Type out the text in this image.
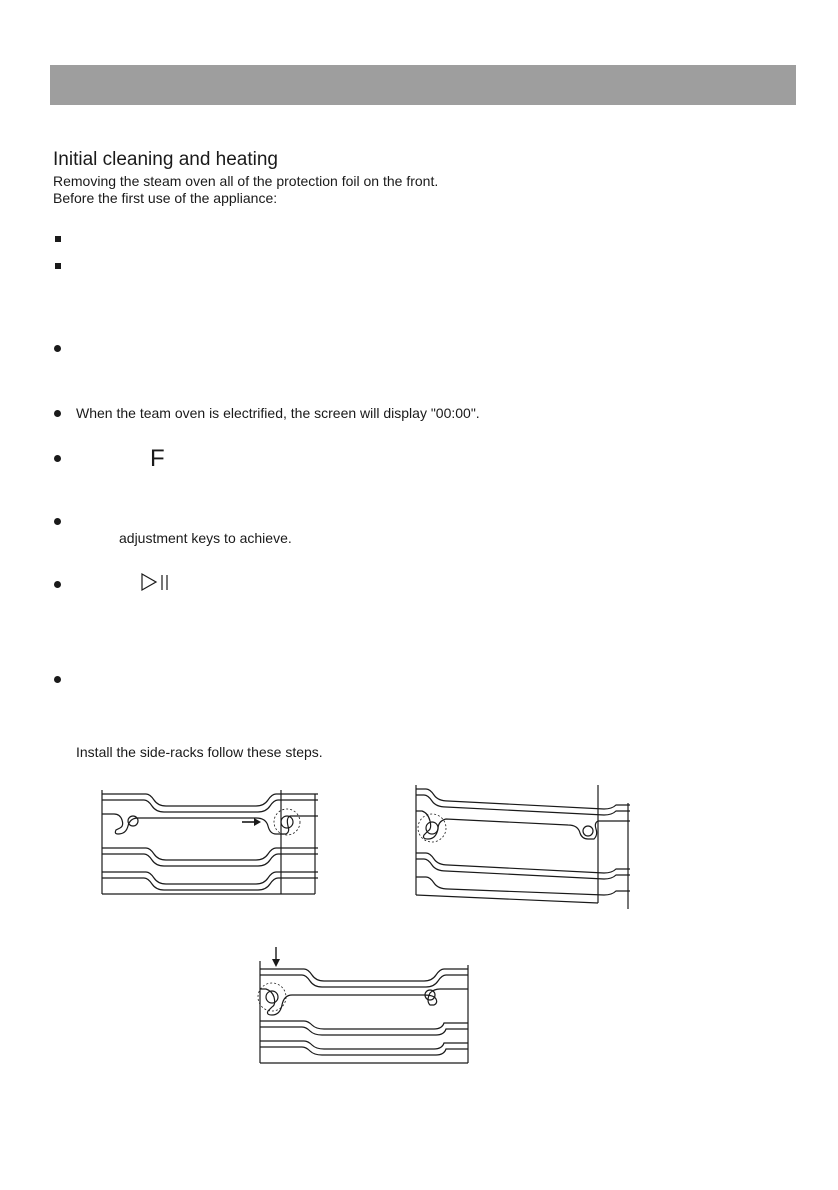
Initial cleaning and heating
Removing the steam oven all of the protection foil on the front.
Before the first use of the appliance:
When the team oven is electrified, the screen will display "00:00".
F
adjustment keys to achieve.
Install the side-racks follow these steps.
